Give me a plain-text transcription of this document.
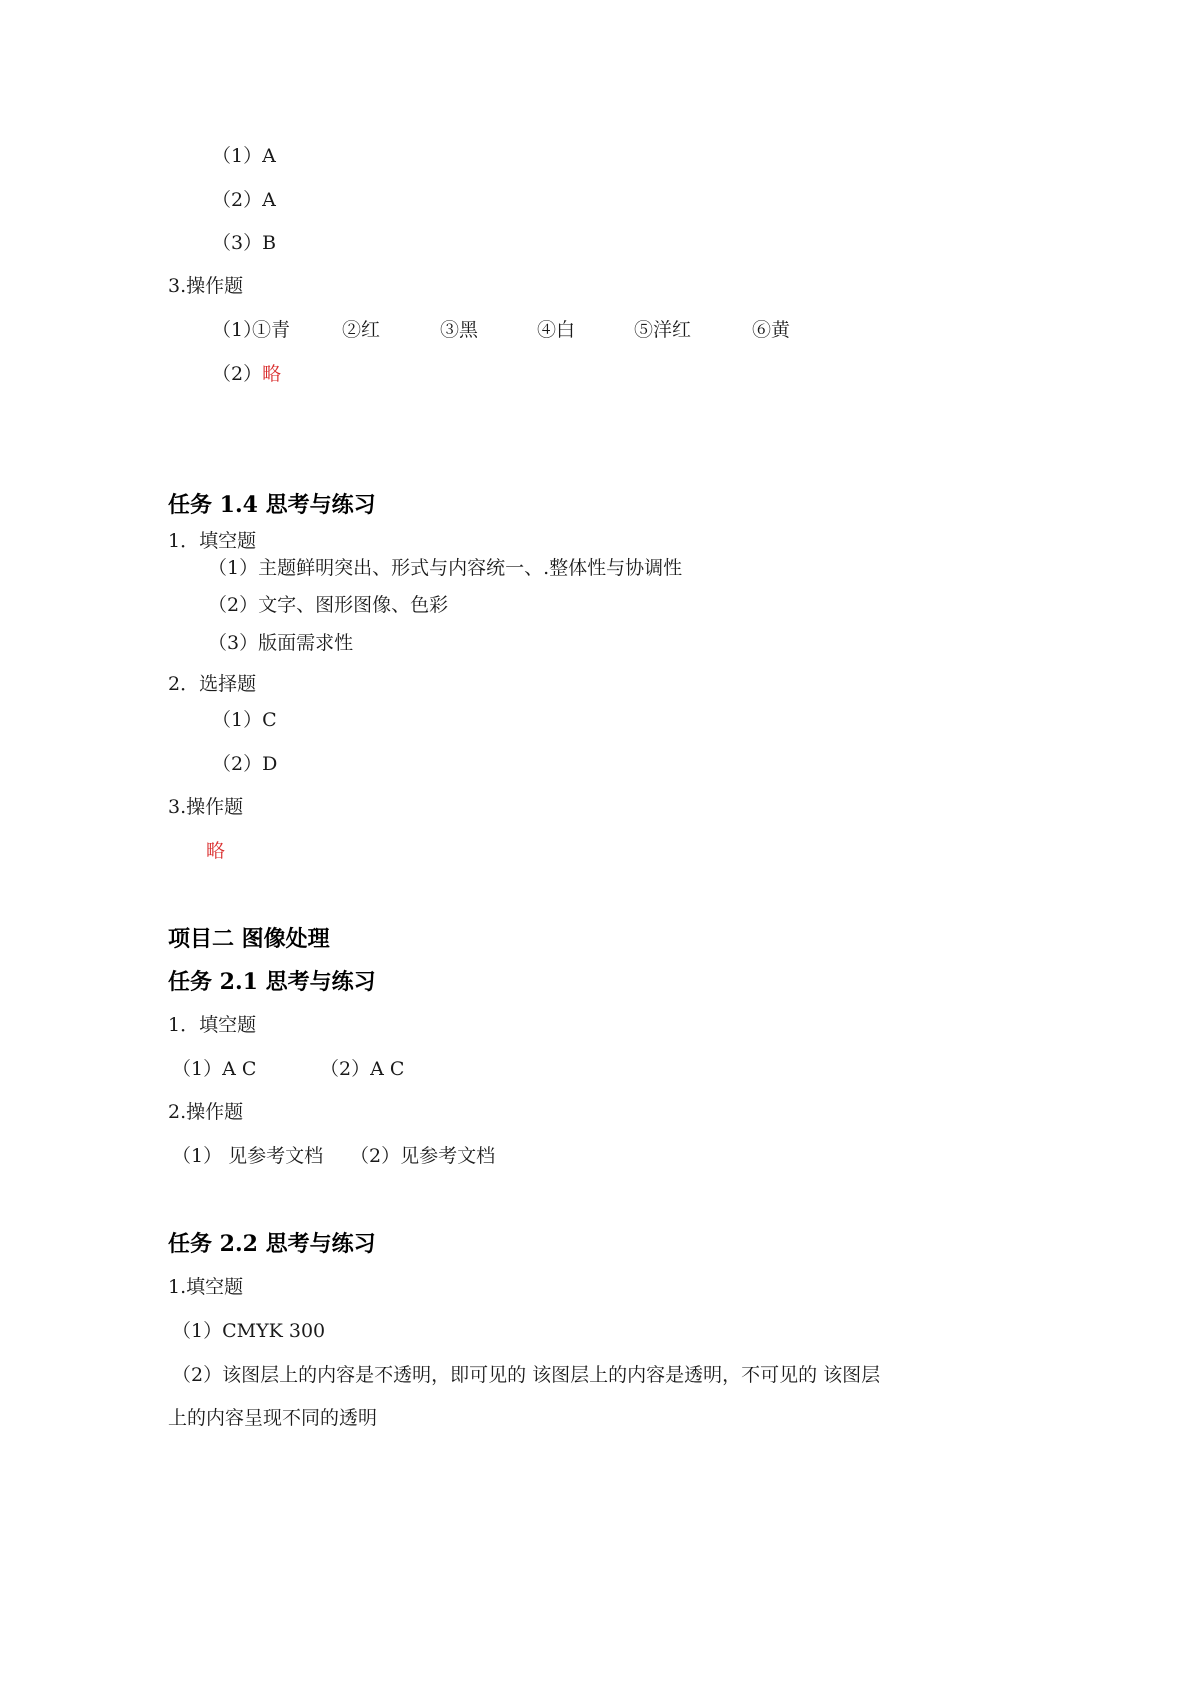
（1）A
（2）A
（3）B
3.操作题
（1）
①青	②红	③黑	④白	⑤洋红	⑥黄
（2）略
任务 1.4 思考与练习
1．填空题
（1）主题鲜明突出、形式与内容统一、.整体性与协调性
（2）文字、图形图像、色彩
（3）版面需求性
2．选择题
（1）C
（2）D
3.操作题
略
项目二 图像处理
任务 2.1 思考与练习
1．填空题
（1）A C	（2）A C
2.操作题
（1） 见参考文档 （2）见参考文档
任务 2.2 思考与练习
1.填空题
（1）CMYK 300
（2）该图层上的内容是不透明，即可见的 该图层上的内容是透明，不可见的 该图层
上的内容呈现不同的透明
